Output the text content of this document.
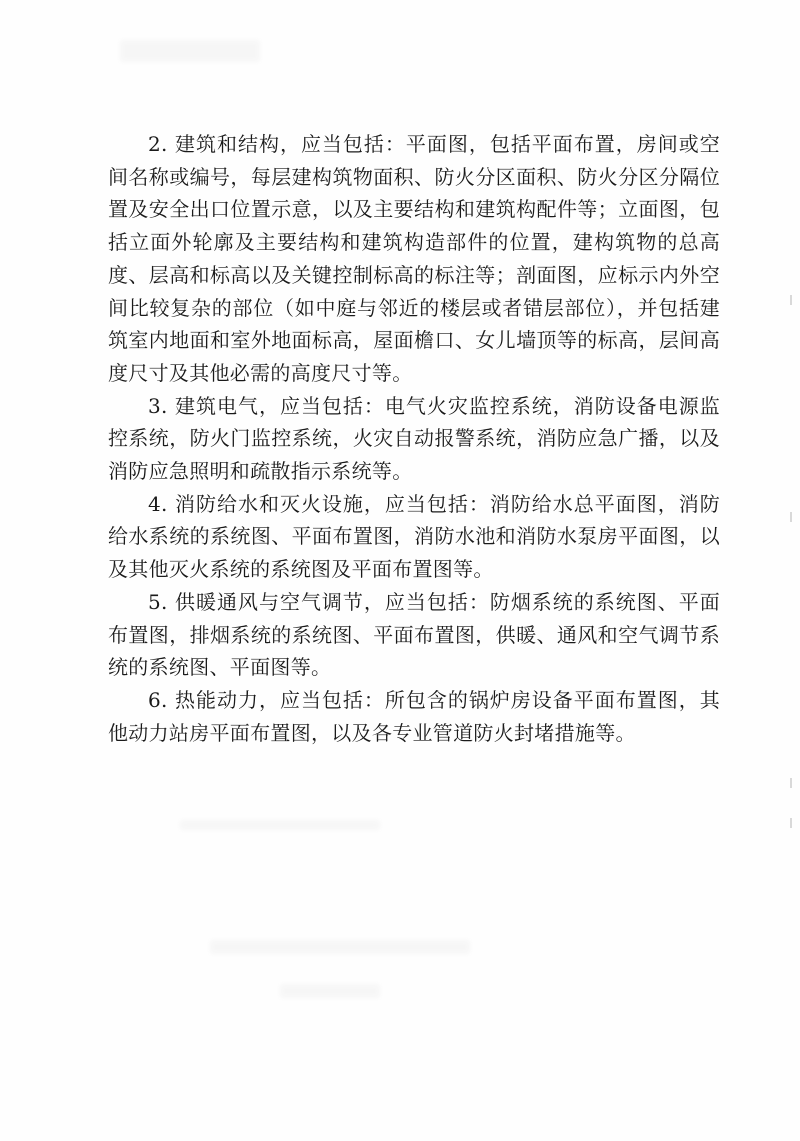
2. 建筑和结构，应当包括：平面图，包括平面布置，房间或空间名称或编号，每层建构筑物面积、防火分区面积、防火分区分隔位置及安全出口位置示意，以及主要结构和建筑构配件等；立面图，包括立面外轮廓及主要结构和建筑构造部件的位置，建构筑物的总高度、层高和标高以及关键控制标高的标注等；剖面图，应标示内外空间比较复杂的部位（如中庭与邻近的楼层或者错层部位），并包括建筑室内地面和室外地面标高，屋面檐口、女儿墙顶等的标高，层间高度尺寸及其他必需的高度尺寸等。

3. 建筑电气，应当包括：电气火灾监控系统，消防设备电源监控系统，防火门监控系统，火灾自动报警系统，消防应急广播，以及消防应急照明和疏散指示系统等。

4. 消防给水和灭火设施，应当包括：消防给水总平面图，消防给水系统的系统图、平面布置图，消防水池和消防水泵房平面图，以及其他灭火系统的系统图及平面布置图等。

5. 供暖通风与空气调节，应当包括：防烟系统的系统图、平面布置图，排烟系统的系统图、平面布置图，供暖、通风和空气调节系统的系统图、平面图等。

6. 热能动力，应当包括：所包含的锅炉房设备平面布置图，其他动力站房平面布置图，以及各专业管道防火封堵措施等。
